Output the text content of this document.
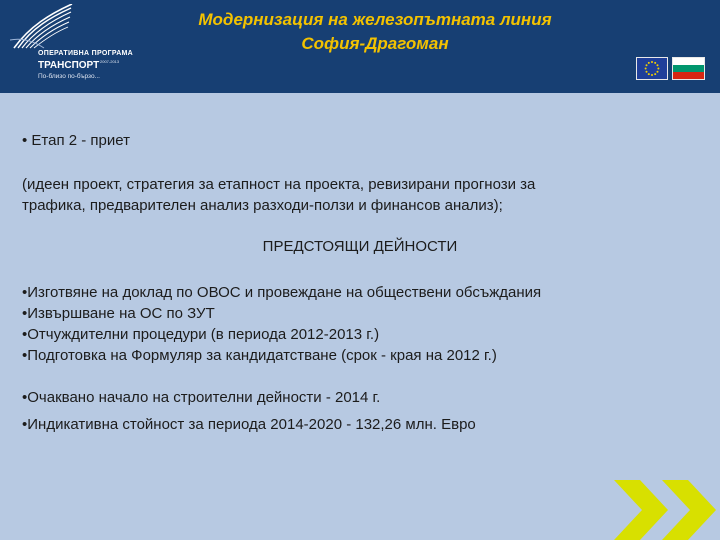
ОПЕРАТИВНА ПРОГРАМА
ТРАНСПОРТ 2007-2013
По-близо по-бързо...
Модернизация на железопътната линия
София-Драгоман
• Етап 2 - приет
(идеен проект, стратегия за етапност на проекта, ревизирани прогнози за
трафика, предварителен анализ разходи-ползи и финансов анализ);
ПРЕДСТОЯЩИ ДЕЙНОСТИ
•Изготвяне на доклад по ОВОС и провеждане на обществени обсъждания
•Извършване на ОС по ЗУТ
•Отчуждителни процедури (в периода 2012-2013 г.)
•Подготовка на Формуляр за кандидатстване (срок - края на 2012 г.)
•Очаквано начало на строителни дейности - 2014 г.
•Индикативна стойност за периода 2014-2020 - 132,26 млн. Евро
